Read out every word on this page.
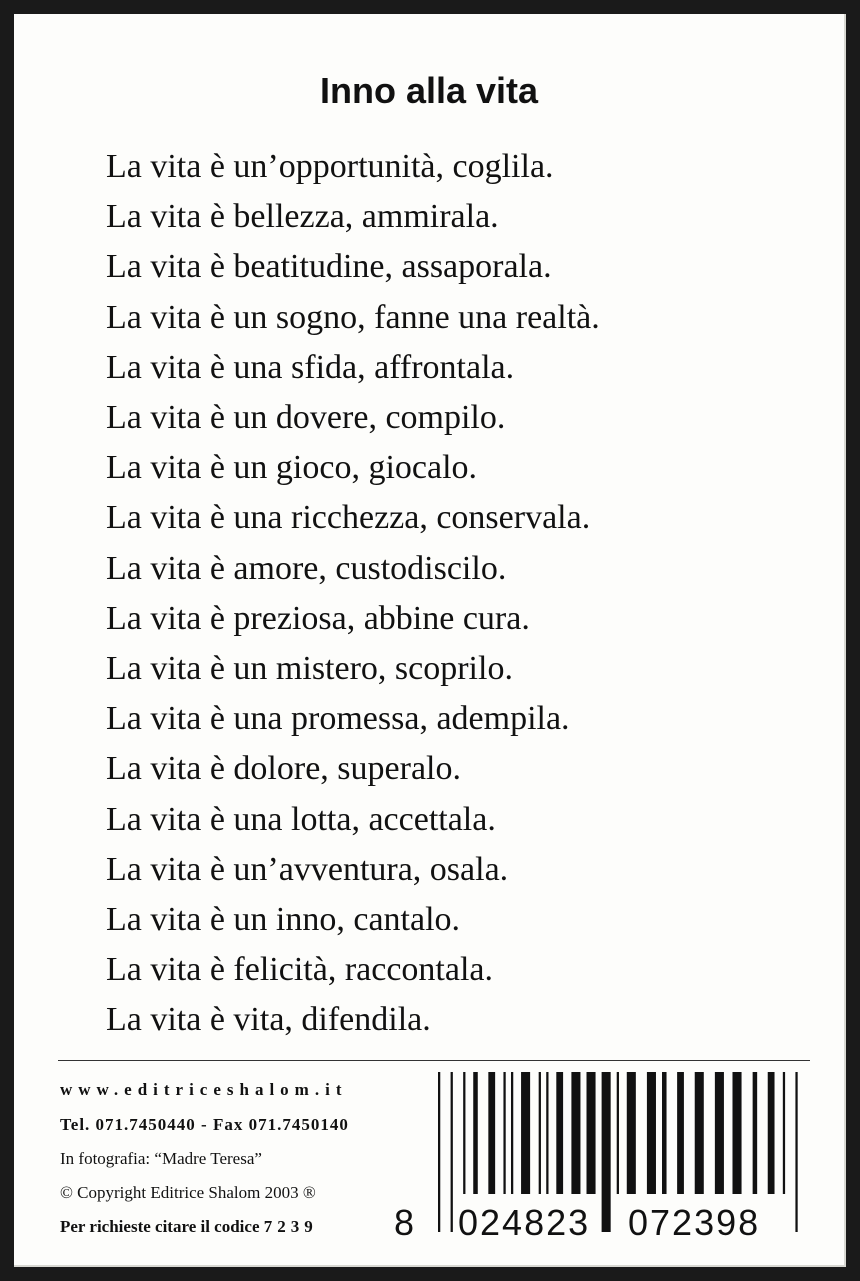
Inno alla vita
La vita è un’opportunità, coglila.
La vita è bellezza, ammirala.
La vita è beatitudine, assaporala.
La vita è un sogno, fanne una realtà.
La vita è una sfida, affrontala.
La vita è un dovere, compilo.
La vita è un gioco, giocalo.
La vita è una ricchezza, conservala.
La vita è amore, custodiscilo.
La vita è preziosa, abbine cura.
La vita è un mistero, scoprilo.
La vita è una promessa, adempila.
La vita è dolore, superalo.
La vita è una lotta, accettala.
La vita è un’avventura, osala.
La vita è un inno, cantalo.
La vita è felicità, raccontala.
La vita è vita, difendila.
www.editriceshalom.it
Tel. 071.7450440 - Fax 071.7450140
In fotografia: “Madre Teresa”
© Copyright Editrice Shalom 2003 ®
Per richieste citare il codice 7239	8 024823 072398
